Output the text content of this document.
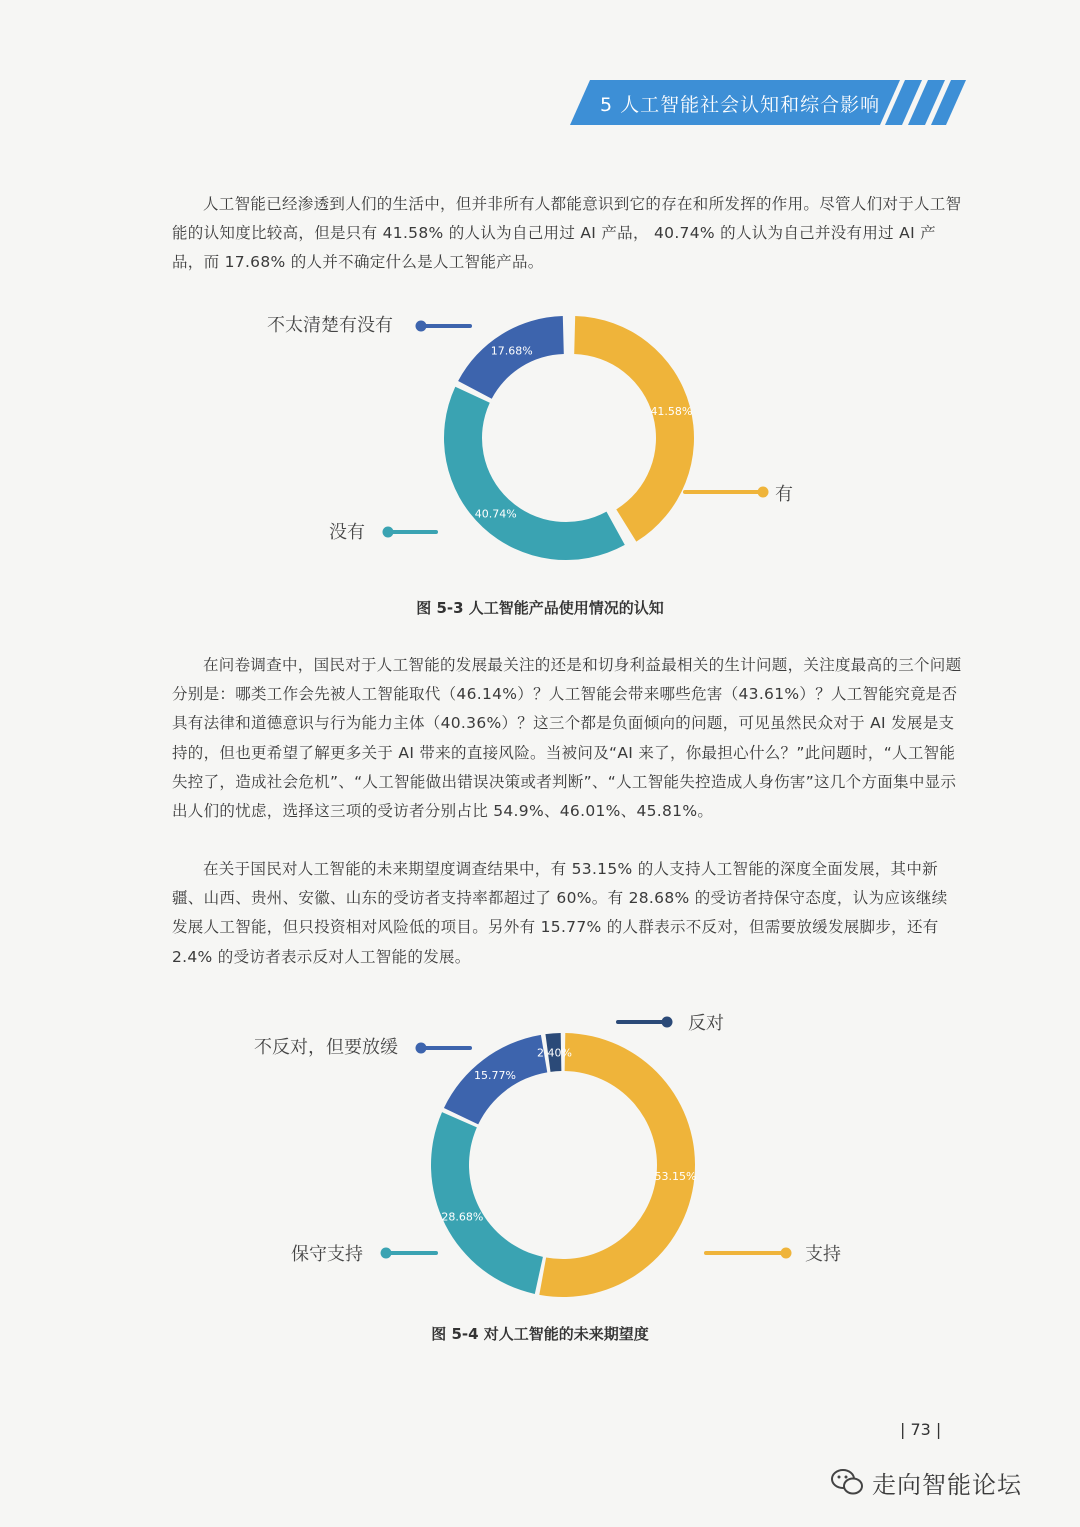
5 人工智能社会认知和综合影响

人工智能已经渗透到人们的生活中，但并非所有人都能意识到它的存在和所发挥的作用。尽管人们对于人工智能的认知度比较高，但是只有 41.58% 的人认为自己用过 AI 产品， 40.74% 的人认为自己并没有用过 AI 产品，而 17.68% 的人并不确定什么是人工智能产品。

41.58%
有
40.74%
没有
17.68%
不太清楚有没有

图 5-3 人工智能产品使用情况的认知

在问卷调查中，国民对于人工智能的发展最关注的还是和切身利益最相关的生计问题，关注度最高的三个问题分别是：哪类工作会先被人工智能取代（46.14%）？人工智能会带来哪些危害（43.61%）？人工智能究竟是否具有法律和道德意识与行为能力主体（40.36%）？这三个都是负面倾向的问题，可见虽然民众对于 AI 发展是支持的，但也更希望了解更多关于 AI 带来的直接风险。当被问及“AI 来了，你最担心什么？”此问题时，“人工智能失控了，造成社会危机”、“人工智能做出错误决策或者判断”、“人工智能失控造成人身伤害”这几个方面集中显示出人们的忧虑，选择这三项的受访者分别占比 54.9%、46.01%、45.81%。

在关于国民对人工智能的未来期望度调查结果中，有 53.15% 的人支持人工智能的深度全面发展，其中新疆、山西、贵州、安徽、山东的受访者支持率都超过了 60%。有 28.68% 的受访者持保守态度，认为应该继续发展人工智能，但只投资相对风险低的项目。另外有 15.77% 的人群表示不反对，但需要放缓发展脚步，还有 2.4% 的受访者表示反对人工智能的发展。

53.15%
支持
28.68%
保守支持
15.77%
不反对，但要放缓	2.40%
反对

图 5-4 对人工智能的未来期望度

| 73 |
走向智能论坛
